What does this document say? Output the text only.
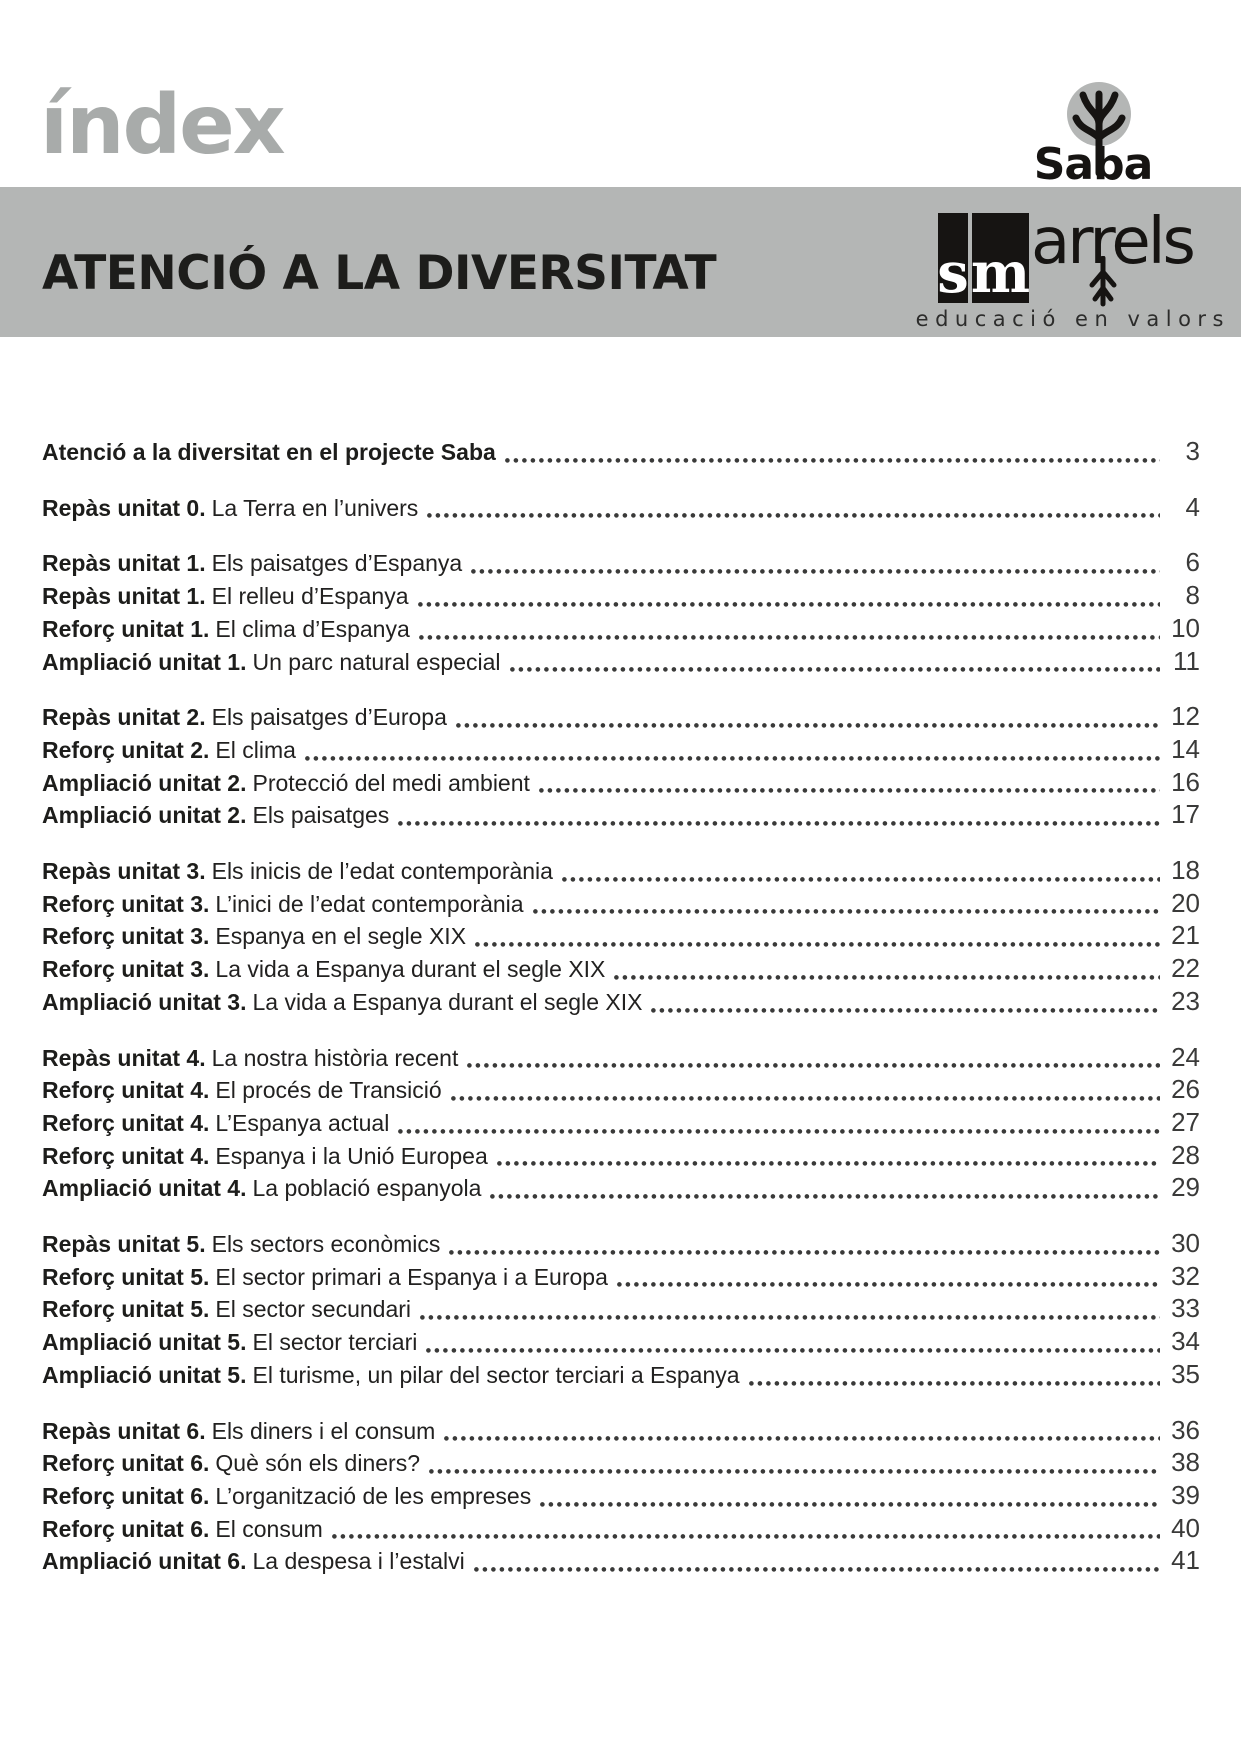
índex
ATENCIÓ A LA DIVERSITAT
Saba
s m arrels
educació en valors
Atenció a la diversitat en el projecte Saba	3
Repàs unitat 0. La Terra en l’univers	4
Repàs unitat 1. Els paisatges d’Espanya	6
Repàs unitat 1. El relleu d’Espanya	8
Reforç unitat 1. El clima d’Espanya	10
Ampliació unitat 1. Un parc natural especial	11
Repàs unitat 2. Els paisatges d’Europa	12
Reforç unitat 2. El clima	14
Ampliació unitat 2. Protecció del medi ambient	16
Ampliació unitat 2. Els paisatges	17
Repàs unitat 3. Els inicis de l’edat contemporània	18
Reforç unitat 3. L’inici de l’edat contemporània	20
Reforç unitat 3. Espanya en el segle XIX	21
Reforç unitat 3. La vida a Espanya durant el segle XIX	22
Ampliació unitat 3. La vida a Espanya durant el segle XIX	23
Repàs unitat 4. La nostra història recent	24
Reforç unitat 4. El procés de Transició	26
Reforç unitat 4. L’Espanya actual	27
Reforç unitat 4. Espanya i la Unió Europea	28
Ampliació unitat 4. La població espanyola	29
Repàs unitat 5. Els sectors econòmics	30
Reforç unitat 5. El sector primari a Espanya i a Europa	32
Reforç unitat 5. El sector secundari	33
Ampliació unitat 5. El sector terciari	34
Ampliació unitat 5. El turisme, un pilar del sector terciari a Espanya	35
Repàs unitat 6. Els diners i el consum	36
Reforç unitat 6. Què són els diners?	38
Reforç unitat 6. L’organització de les empreses	39
Reforç unitat 6. El consum	40
Ampliació unitat 6. La despesa i l’estalvi	41
